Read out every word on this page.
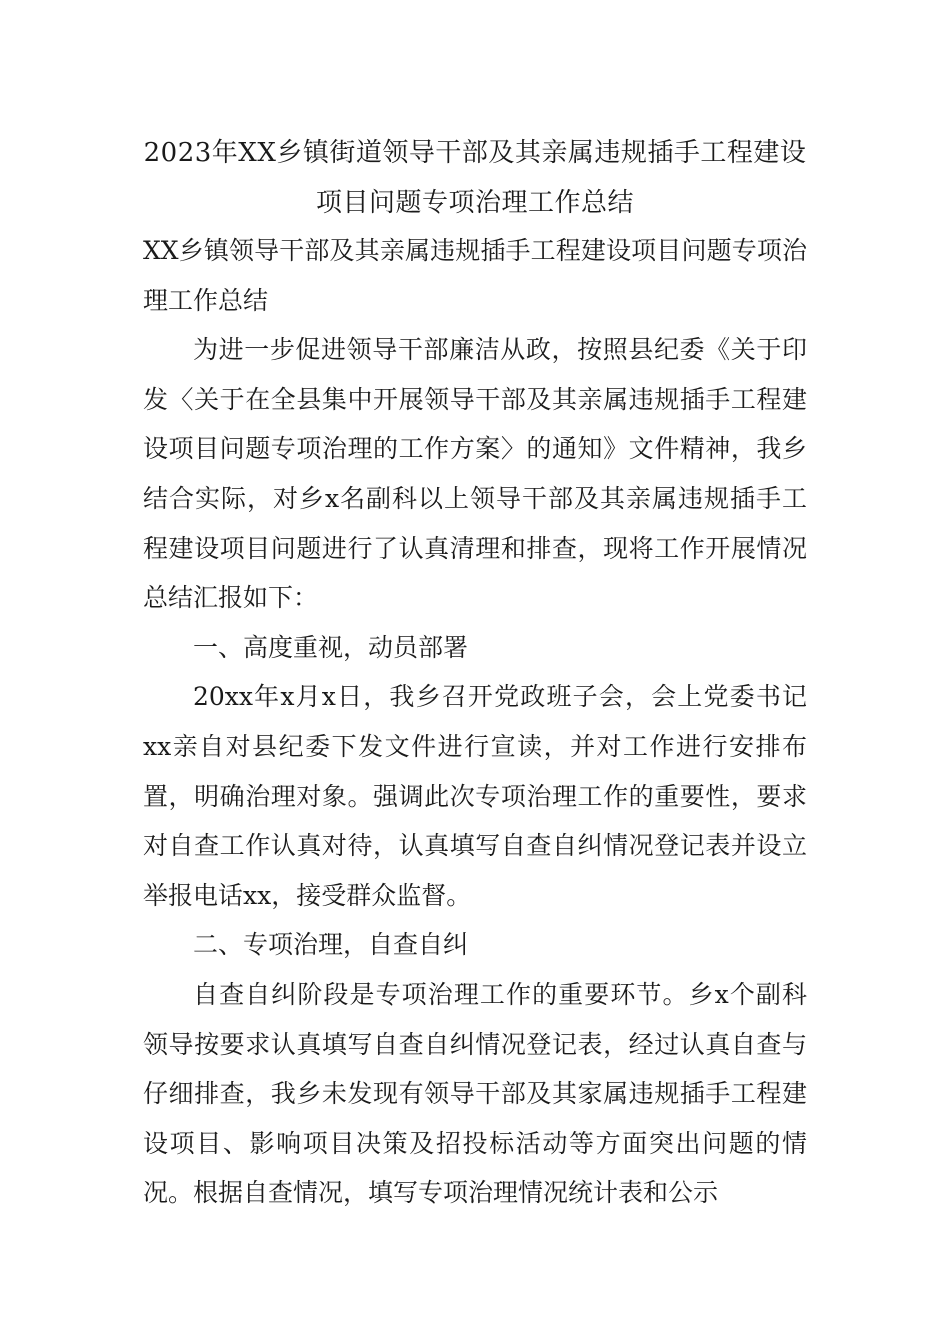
2023年XX乡镇街道领导干部及其亲属违规插手工程建设项目问题专项治理工作总结

XX乡镇领导干部及其亲属违规插手工程建设项目问题专项治理工作总结

为进一步促进领导干部廉洁从政，按照县纪委《关于印发〈关于在全县集中开展领导干部及其亲属违规插手工程建设项目问题专项治理的工作方案〉的通知》文件精神，我乡结合实际，对乡x名副科以上领导干部及其亲属违规插手工程建设项目问题进行了认真清理和排查，现将工作开展情况总结汇报如下：

一、高度重视，动员部署

20xx年x月x日，我乡召开党政班子会，会上党委书记xx亲自对县纪委下发文件进行宣读，并对工作进行安排布置，明确治理对象。强调此次专项治理工作的重要性，要求对自查工作认真对待，认真填写自查自纠情况登记表并设立举报电话xx，接受群众监督。

二、专项治理，自查自纠

自查自纠阶段是专项治理工作的重要环节。乡x个副科领导按要求认真填写自查自纠情况登记表，经过认真自查与仔细排查，我乡未发现有领导干部及其家属违规插手工程建设项目、影响项目决策及招投标活动等方面突出问题的情况。根据自查情况，填写专项治理情况统计表和公示
